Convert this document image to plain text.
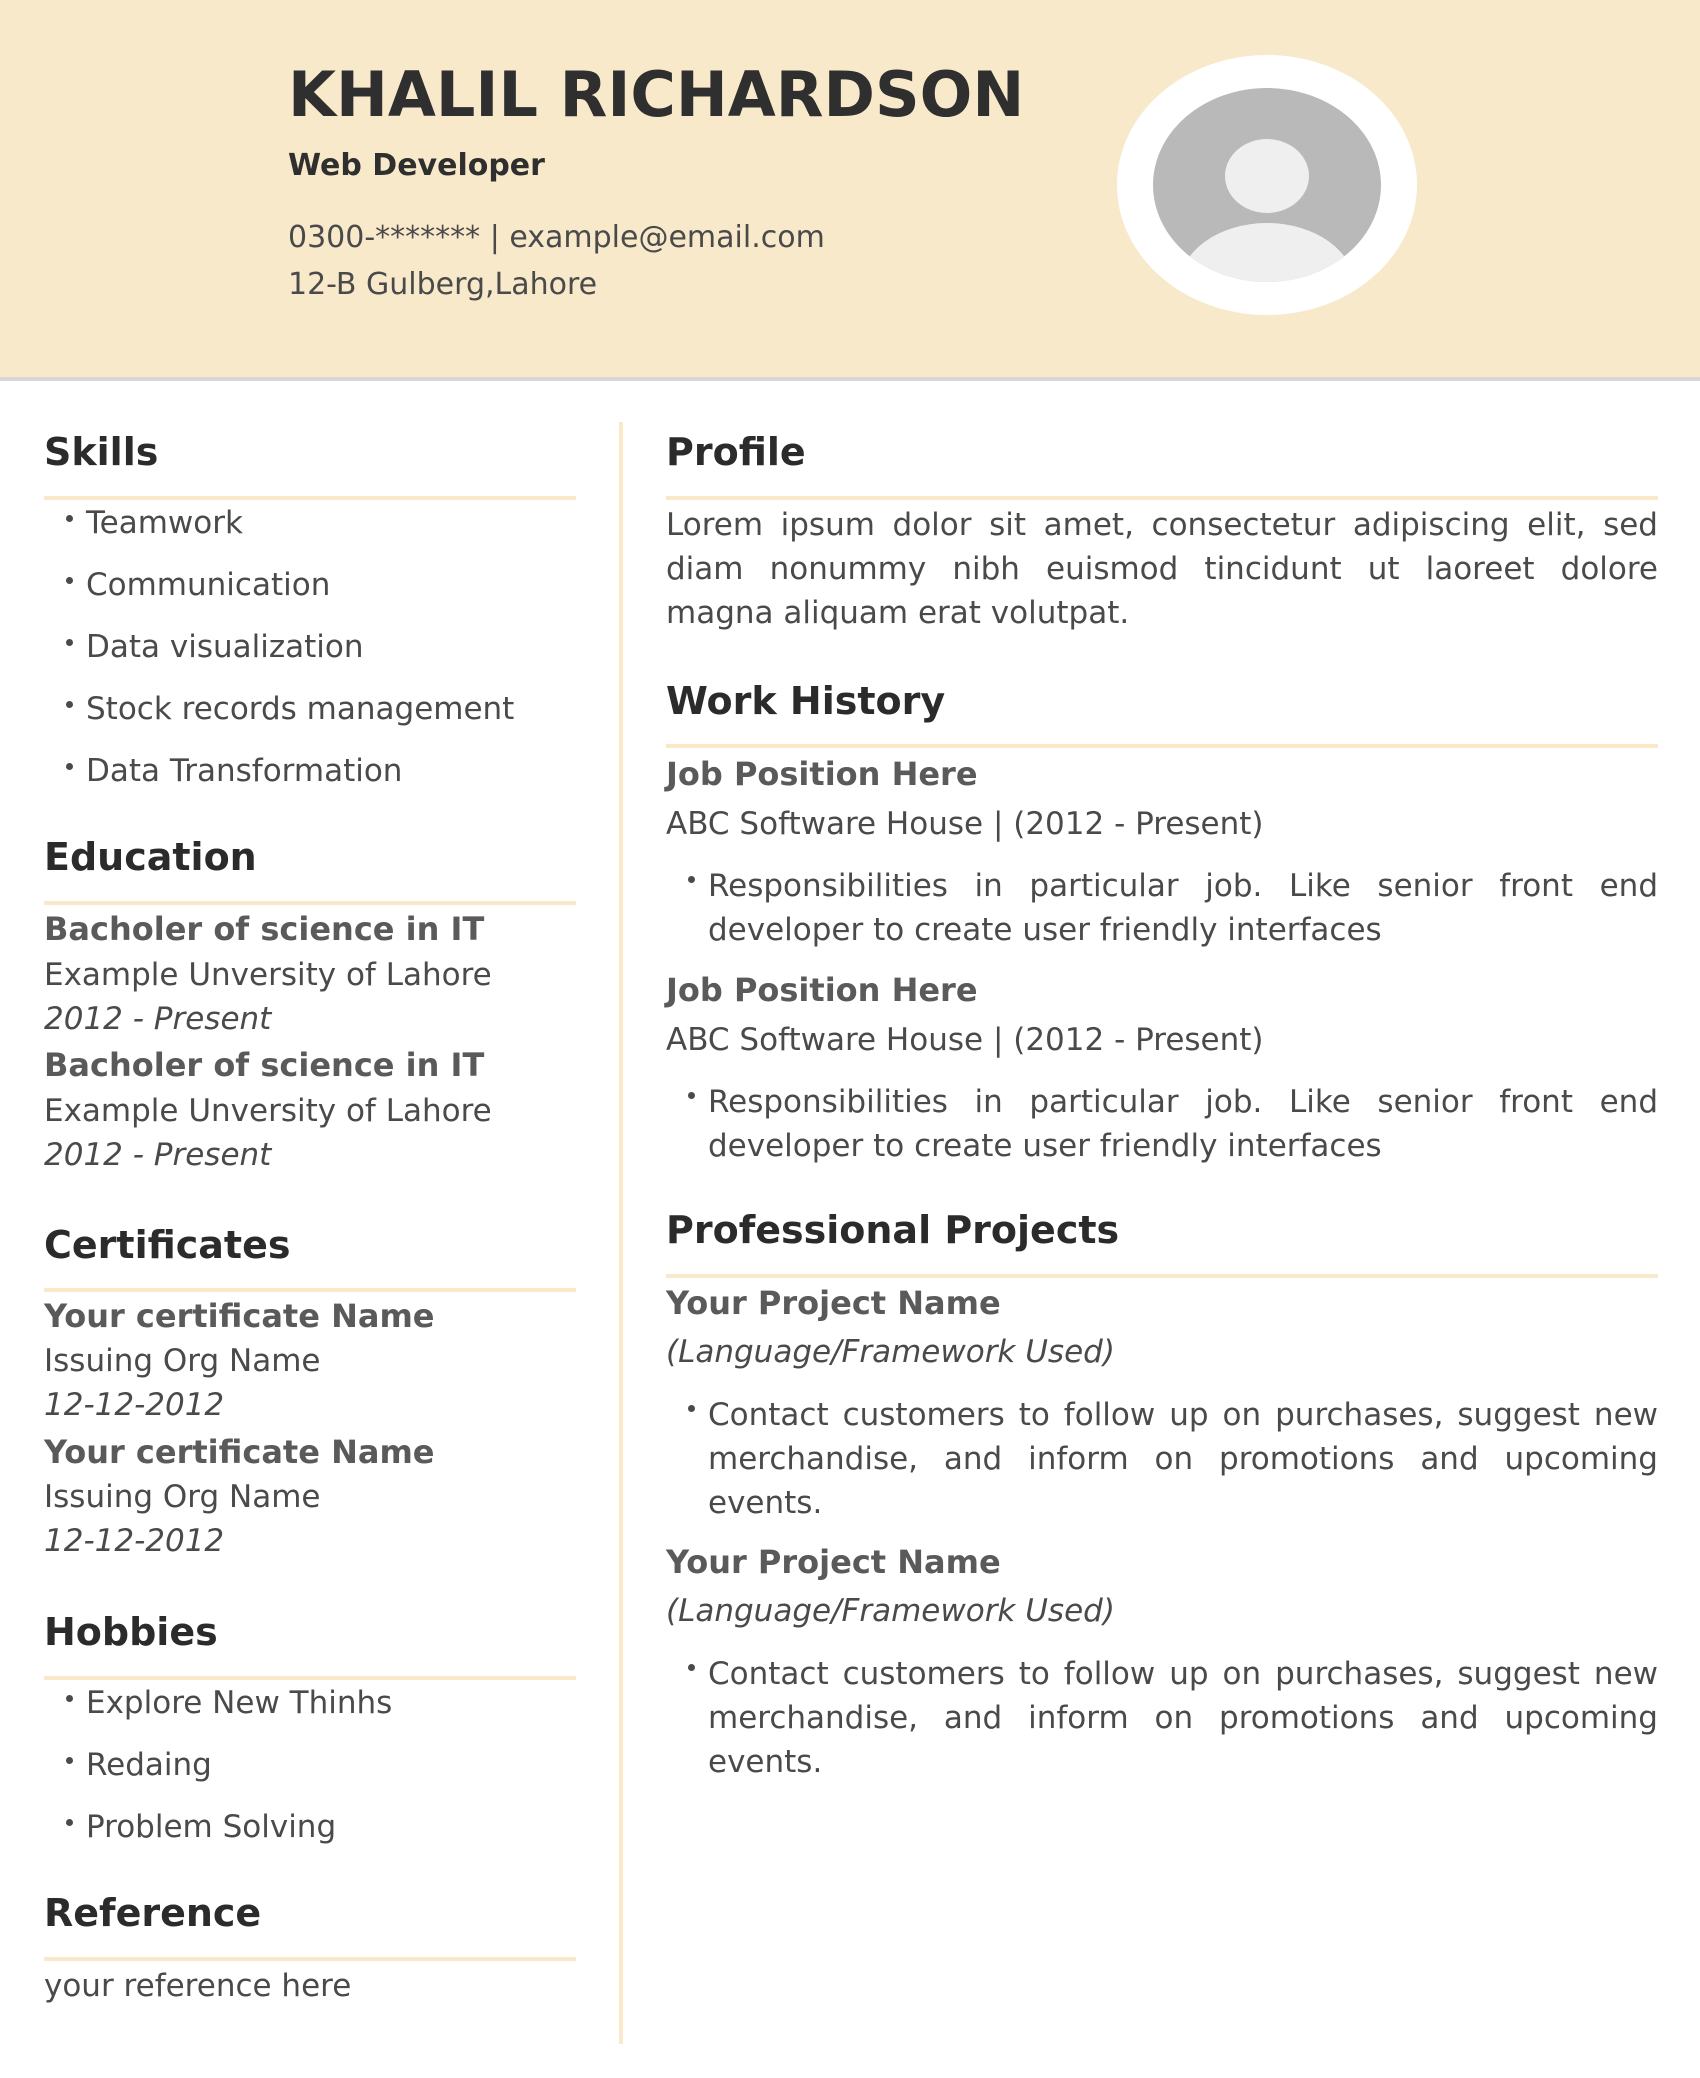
KHALIL RICHARDSON
Web Developer
0300-******* | example@email.com
12-B Gulberg,Lahore
Skills
Teamwork
Communication
Data visualization
Stock records management
Data Transformation
Education
Bacholer of science in IT
Example Unversity of Lahore
2012 - Present
Bacholer of science in IT
Example Unversity of Lahore
2012 - Present
Certificates
Your certificate Name
Issuing Org Name
12-12-2012
Your certificate Name
Issuing Org Name
12-12-2012
Hobbies
Explore New Thinhs
Redaing
Problem Solving
Reference
your reference here
Profile
Lorem ipsum dolor sit amet, consectetur adipiscing elit, sed diam nonummy nibh euismod tincidunt ut laoreet dolore magna aliquam erat volutpat.
Work History
Job Position Here
ABC Software House | (2012 - Present)
Responsibilities in particular job. Like senior front end developer to create user friendly interfaces
Job Position Here
ABC Software House | (2012 - Present)
Responsibilities in particular job. Like senior front end developer to create user friendly interfaces
Professional Projects
Your Project Name
(Language/Framework Used)
Contact customers to follow up on purchases, suggest new merchandise, and inform on promotions and upcoming events.
Your Project Name
(Language/Framework Used)
Contact customers to follow up on purchases, suggest new merchandise, and inform on promotions and upcoming events.
